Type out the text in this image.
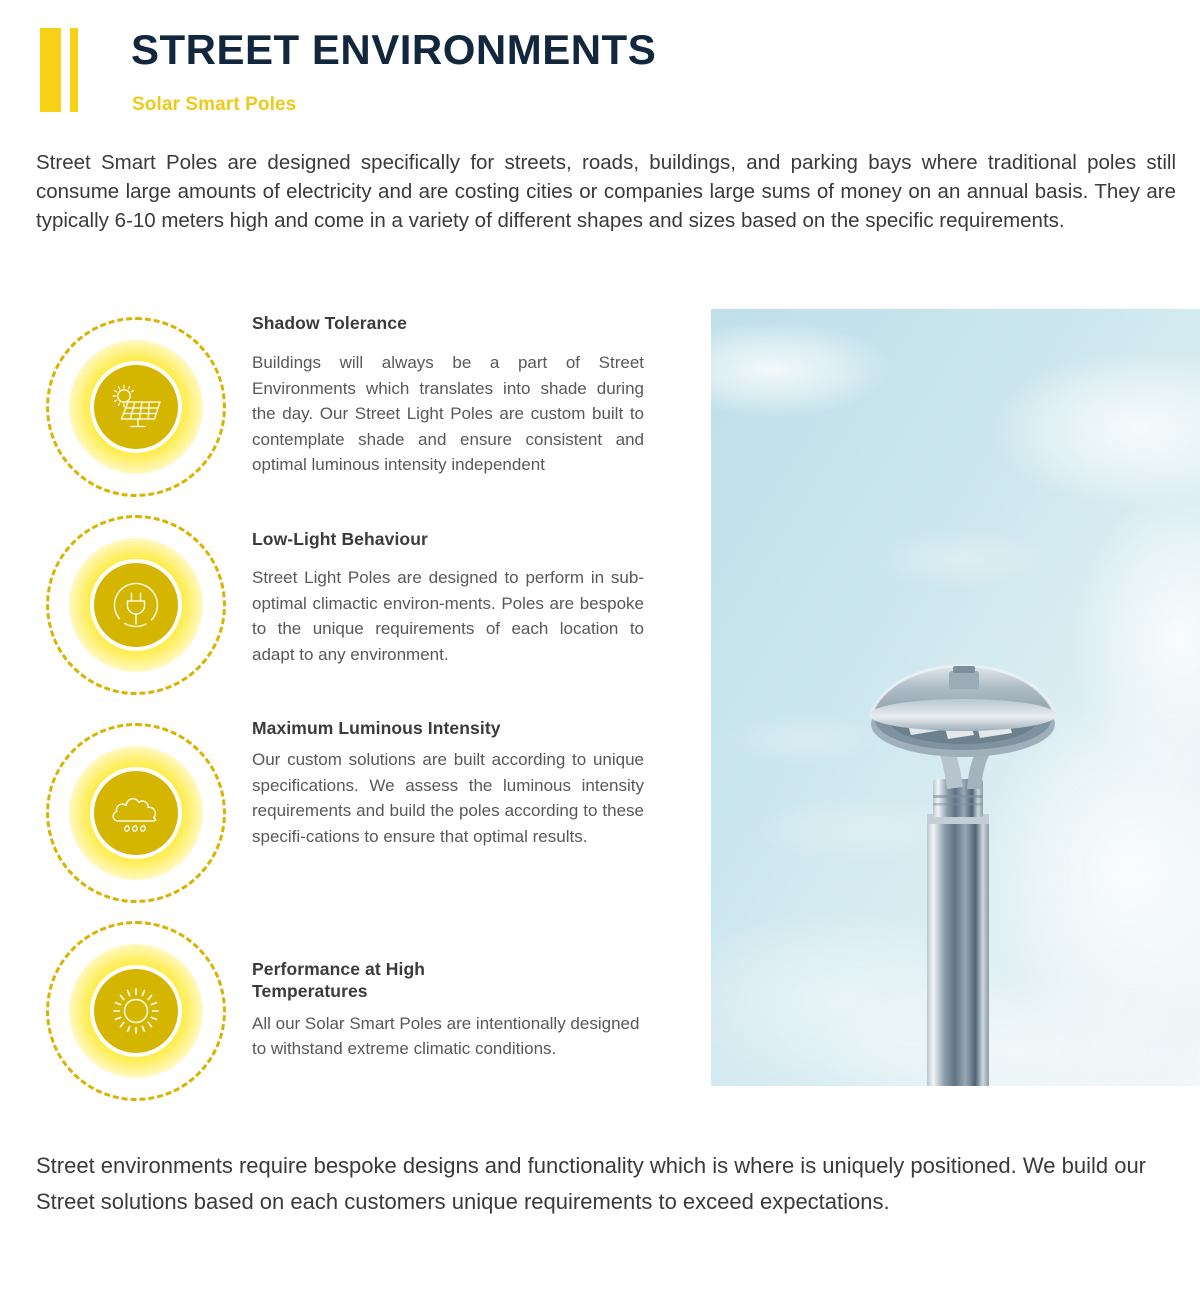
STREET ENVIRONMENTS
Solar Smart Poles

Street Smart Poles are designed specifically for streets, roads, buildings, and parking bays where traditional poles still consume large amounts of electricity and are costing cities or companies large sums of money on an annual basis. They are typically 6-10 meters high and come in a variety of different shapes and sizes based on the specific requirements.

Shadow Tolerance

Buildings will always be a part of Street Environments which translates into shade during the day. Our Street Light Poles are custom built to contemplate shade and ensure consistent and optimal luminous intensity independent

Low-Light Behaviour

Street Light Poles are designed to perform in sub-optimal climactic environ-ments. Poles are bespoke to the unique requirements of each location to adapt to any environment.

Maximum Luminous Intensity

Our custom solutions are built according to unique specifications. We assess the luminous intensity requirements and build the poles according to these specifi-cations to ensure that optimal results.

Performance at High Temperatures

All our Solar Smart Poles are intentionally designed to withstand extreme climatic conditions.

Street environments require bespoke designs and functionality which is where is uniquely positioned. We build our Street solutions based on each customers unique requirements to exceed expectations.
